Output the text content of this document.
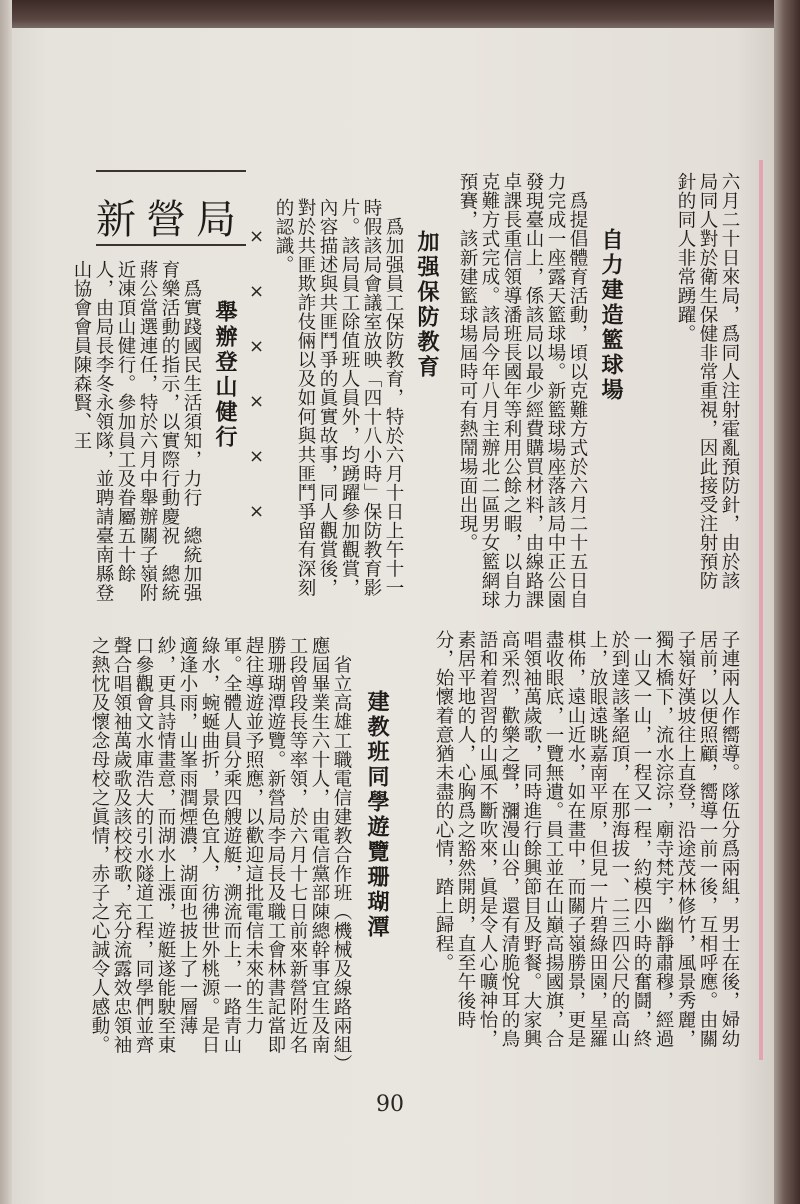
六月二十日來局，爲同人注射霍亂預防針，由於該局同人對於衛生保健非常重視，因此接受注射預防針的同人非常踴躍。

自力建造籃球場

　爲提倡體育活動，頃以克難方式於六月二十五日自力完成一座露天籃球場。新籃球場座落該局中正公園發現臺山上，係該局以最少經費購買材料，由線路課卓課長重信領導潘班長國年等利用公餘之暇，以自力克難方式完成。該局今年八月主辦北二區男女籃網球預賽，該新建籃球場屆時可有熱鬧場面出現。

加强保防教育

　爲加强員工保防教育，特於六月十日上午十一時假該局會議室放映「四十八小時」保防教育影片。該局員工除值班人員外，均踴躍參加觀賞，內容描述與共匪鬥爭的眞實故事，同人觀賞後，對於共匪欺詐伎倆以及如何與共匪鬥爭留有深刻的認識。

××××××
新營局

舉辦登山健行

　爲實踐國民生活須知，力行　總統加强育樂活動的指示，以實際行動慶祝　總統蔣公當選連任，特於六月中舉辦關子嶺附近凍頂山健行。參加員工及眷屬五十餘人，由局長李冬永領隊，並聘請臺南縣登山協會會員陳森賢、王

子連兩人作嚮導。隊伍分爲兩組，男士在後，婦幼居前，以便照顧，嚮導一前一後，互相呼應。由關子嶺好漢坡往上直登，沿途茂林修竹，風景秀麗，獨木橋下，流水淙淙，廟寺梵宇，幽靜肅穆，經過一山又一山，一程又一程，約模四小時的奮鬪，終於到達該峯絕頂，在那海拔一、二三四公尺的高山上，放眼遠眺嘉南平原，但見一片碧綠田園，星羅棋佈，遠山近水，如在畫中，而關子嶺勝景，更是盡收眼底，一覽無遺。員工並在山巔高揚國旗，合唱領袖萬歲歌，同時進行餘興節目及野餐。大家興高采烈，歡樂之聲，瀰漫山谷，還有清脆悅耳的鳥語和着習習的山風不斷吹來，眞是令人心曠神怡，素居平地的人，心胸爲之豁然開朗，直至午後時分，始懷着意猶未盡的心情，踏上歸程。

建教班同學遊覽珊瑚潭

　省立高雄工職電信建教合作班（機械及線路兩組）應屆畢業生六十人，由電信黨部陳總幹事宜生及南工段曾段長等率領，於六月十七日前來新營附近名勝珊瑚潭遊覽。新營局李局長及職工會林書記當即趕往導遊並予照應，以歡迎這批電信未來的生力軍。全體人員分乘四艘遊艇，溯流而上，一路青山綠水，蜿蜒曲折，景色宜人，彷彿世外桃源。是日適逢小雨，山峯雨潤煙濃，湖面也披上了一層薄紗，更具詩情畫意，而湖水上漲，遊艇遂能駛至東口參觀會文水庫浩大的引水隧道工程，同學們並齊聲合唱領袖萬歲歌及該校校歌，充分流露效忠領袖之熱忱及懷念母校之眞情，赤子之心誠令人感動。

90
